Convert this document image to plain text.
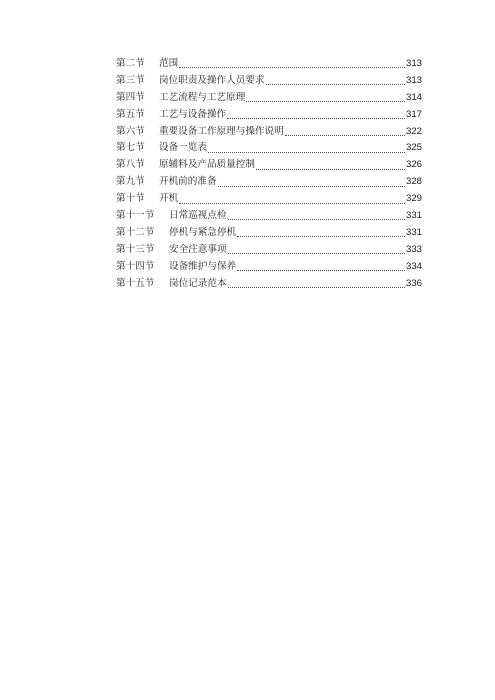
第二节	范围	313
第三节	岗位职责及操作人员要求	313
第四节	工艺流程与工艺原理	314
第五节	工艺与设备操作	317
第六节	重要设备工作原理与操作说明	322
第七节	设备一览表	325
第八节	原辅料及产品质量控制	326
第九节	开机前的准备	328
第十节	开机	329
第十一节	日常巡视点检	331
第十二节	停机与紧急停机	331
第十三节	安全注意事项	333
第十四节	设备维护与保养	334
第十五节	岗位记录范本	336
